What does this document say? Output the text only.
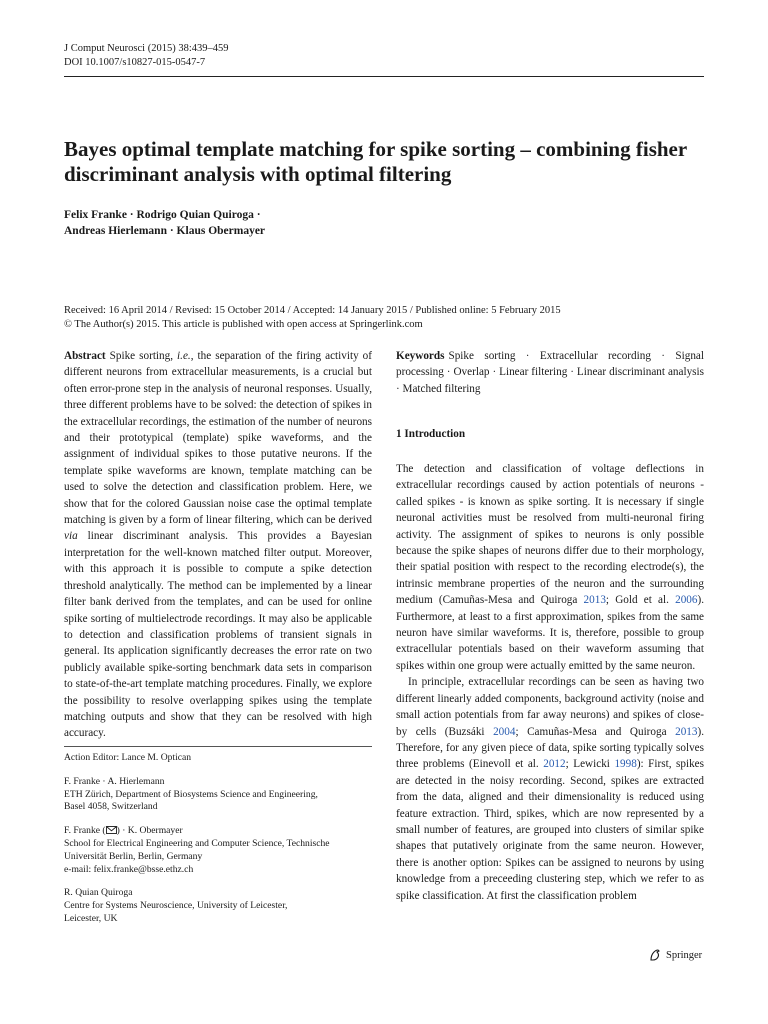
J Comput Neurosci (2015) 38:439–459
DOI 10.1007/s10827-015-0547-7
Bayes optimal template matching for spike sorting – combining fisher discriminant analysis with optimal filtering
Felix Franke · Rodrigo Quian Quiroga ·
Andreas Hierlemann · Klaus Obermayer
Received: 16 April 2014 / Revised: 15 October 2014 / Accepted: 14 January 2015 / Published online: 5 February 2015
© The Author(s) 2015. This article is published with open access at Springerlink.com
Abstract Spike sorting, i.e., the separation of the firing activity of different neurons from extracellular measurements, is a crucial but often error-prone step in the analysis of neuronal responses. Usually, three different problems have to be solved: the detection of spikes in the extracellular recordings, the estimation of the number of neurons and their prototypical (template) spike waveforms, and the assignment of individual spikes to those putative neurons. If the template spike waveforms are known, template matching can be used to solve the detection and classification problem. Here, we show that for the colored Gaussian noise case the optimal template matching is given by a form of linear filtering, which can be derived via linear discriminant analysis. This provides a Bayesian interpretation for the well-known matched filter output. Moreover, with this approach it is possible to compute a spike detection threshold analytically. The method can be implemented by a linear filter bank derived from the templates, and can be used for online spike sorting of multielectrode recordings. It may also be applicable to detection and classification problems of transient signals in general. Its application significantly decreases the error rate on two publicly available spike-sorting benchmark data sets in comparison to state-of-the-art template matching procedures. Finally, we explore the possibility to resolve overlapping spikes using the template matching outputs and show that they can be resolved with high accuracy.
Action Editor: Lance M. Optican
F. Franke · A. Hierlemann
ETH Zürich, Department of Biosystems Science and Engineering,
Basel 4058, Switzerland
F. Franke ( ) · K. Obermayer
School for Electrical Engineering and Computer Science, Technische
Universität Berlin, Berlin, Germany
e-mail: felix.franke@bsse.ethz.ch
R. Quian Quiroga
Centre for Systems Neuroscience, University of Leicester,
Leicester, UK
Keywords Spike sorting · Extracellular recording · Signal processing · Overlap · Linear filtering · Linear discriminant analysis · Matched filtering
1 Introduction

The detection and classification of voltage deflections in extracellular recordings caused by action potentials of neurons - called spikes - is known as spike sorting. It is necessary if single neuronal activities must be resolved from multi-neuronal firing activity. The assignment of spikes to neurons is only possible because the spike shapes of neurons differ due to their morphology, their spatial position with respect to the recording electrode(s), the intrinsic membrane properties of the neuron and the surrounding medium (Camuñas-Mesa and Quiroga 2013; Gold et al. 2006). Furthermore, at least to a first approximation, spikes from the same neuron have similar waveforms. It is, therefore, possible to group extracellular potentials based on their waveform assuming that spikes within one group were actually emitted by the same neuron.

In principle, extracellular recordings can be seen as having two different linearly added components, background activity (noise and small action potentials from far away neurons) and spikes of close-by cells (Buzsáki 2004; Camuñas-Mesa and Quiroga 2013). Therefore, for any given piece of data, spike sorting typically solves three problems (Einevoll et al. 2012; Lewicki 1998): First, spikes are detected in the noisy recording. Second, spikes are extracted from the data, aligned and their dimensionality is reduced using feature extraction. Third, spikes, which are now represented by a small number of features, are grouped into clusters of similar spike shapes that putatively originate from the same neuron. However, there is another option: Spikes can be assigned to neurons by using knowledge from a preceeding clustering step, which we refer to as spike classification. At first the classification problem

Springer
